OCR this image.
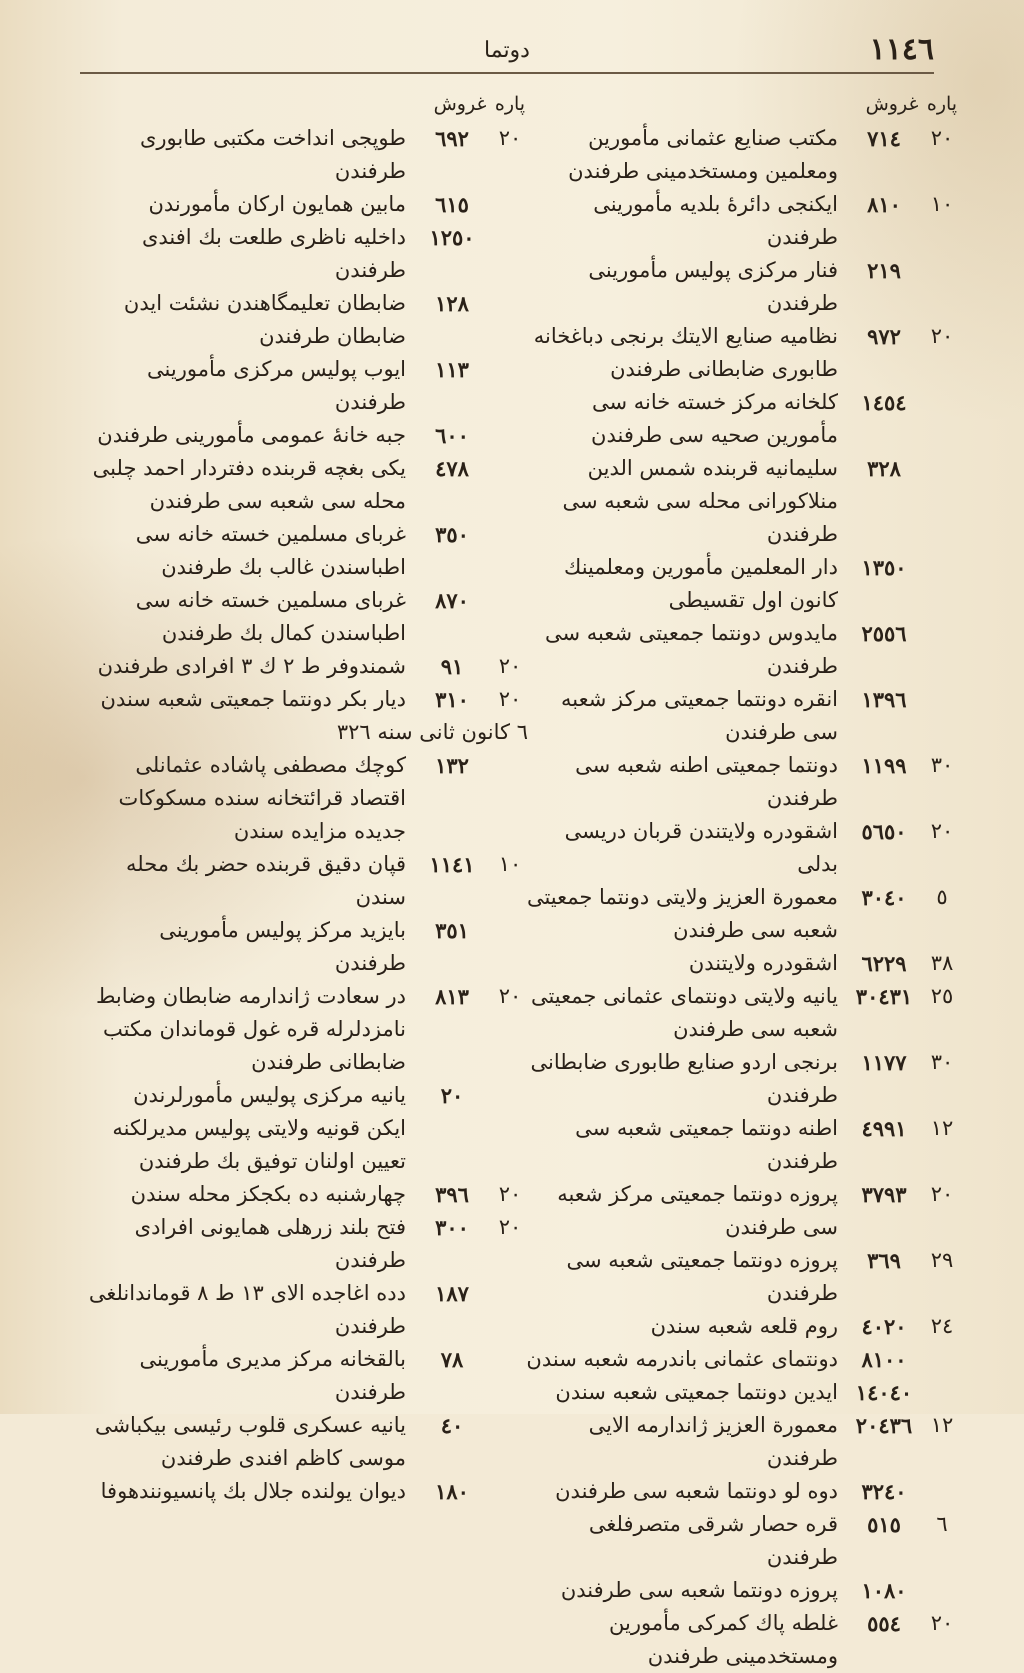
١١٤٦
دوتما
پاره
غروش
٢٠
٧١٤
مكتب صنايع عثمانى مأمورين ومعلمين ومستخدمينى طرفندن
١٠
٨١٠
ايكنجى دائرهٔ بلديه مأمورينى طرفندن
٢١٩
فنار مركزى پوليس مأمورينى طرفندن
٢٠
٩٧٢
نظاميه صنايع الايتك برنجى دباغخانه طابورى ضابطانى طرفندن
١٤٥٤
كلخانه مركز خسته خانه سى مأمورين صحيه سى طرفندن
٣٢٨
سليمانيه قربنده شمس الدين منلاكورانى محله سى شعبه سى طرفندن
١٣٥٠
دار المعلمين مأمورين ومعلمينك كانون اول تقسيطى
٢٥٥٦
مايدوس دونتما جمعيتى شعبه سى طرفندن
١٣٩٦
انقره دونتما جمعيتى مركز شعبه سى طرفندن
٣٠
١١٩٩
دونتما جمعيتى اطنه شعبه سى طرفندن
٢٠
٥٦٥٠
اشقودره ولايتندن قربان دريسى بدلى
٥
٣٠٤٠
معمورة العزيز ولايتى دونتما جمعيتى شعبه سى طرفندن
٣٨
٦٢٢٩
اشقودره ولايتندن
٢٥
٣٠٤٣١
يانيه ولايتى دونتماى عثمانى جمعيتى شعبه سى طرفندن
٣٠
١١٧٧
برنجى اردو صنايع طابورى ضابطانى طرفندن
١٢
٤٩٩١
اطنه دونتما جمعيتى شعبه سى طرفندن
٢٠
٣٧٩٣
پروزه دونتما جمعيتى مركز شعبه سى طرفندن
٢٩
٣٦٩
پروزه دونتما جمعيتى شعبه سى طرفندن
٢٤
٤٠٢٠
روم قلعه شعبه سندن
٨١٠٠
دونتماى عثمانى باندرمه شعبه سندن
١٤٠٤٠
ايدين دونتما جمعيتى شعبه سندن
١٢
٢٠٤٣٦
معمورة العزيز ژاندارمه الايى طرفندن
٣٢٤٠
دوه لو دونتما شعبه سى طرفندن
٦
٥١٥
قره حصار شرقى متصرفلغى طرفندن
١٠٨٠
پروزه دونتما شعبه سى طرفندن
٢٠
٥٥٤
غلطه پاك كمركى مأمورين ومستخدمينى طرفندن
پاره
غروش
٢٠
٦٩٢
طوپجى انداخت مكتبى طابورى طرفندن
٦١٥
مابين همايون اركان مأمورندن
١٢٥٠
داخليه ناظرى طلعت بك افندى طرفندن
١٢٨
ضابطان تعليمگاهندن نشئت ايدن ضابطان طرفندن
١١٣
ايوب پوليس مركزى مأمورينى طرفندن
٦٠٠
جبه خانهٔ عمومى مأمورينى طرفندن
٤٧٨
يكى بغچه قربنده دفتردار احمد چلبى محله سى شعبه سى طرفندن
٣٥٠
غرباى مسلمين خسته خانه سى اطباسندن غالب بك طرفندن
٨٧٠
غرباى مسلمين خسته خانه سى اطباسندن كمال بك طرفندن
٢٠
٩١
شمندوفر ط ٢ ك ٣ افرادى طرفندن
٢٠
٣١٠
ديار بكر دونتما جمعيتى شعبه سندن
٦ كانون ثانى سنه ٣٢٦
١٣٢
كوچك مصطفى پاشاده عثمانلى اقتصاد قرائتخانه سنده مسكوكات جديده مزايده سندن
١٠
١١٤١
قپان دقيق قربنده حضر بك محله سندن
٣٥١
بايزيد مركز پوليس مأمورينى طرفندن
٢٠
٨١٣
در سعادت ژاندارمه ضابطان وضابط نامزدلرله قره غول قوماندان مكتب ضابطانى طرفندن
٢٠
يانيه مركزى پوليس مأمورلرندن ايكن قونيه ولايتى پوليس مديرلكنه تعيين اولنان توفيق بك طرفندن
٢٠
٣٩٦
چهارشنبه ده بكجكز محله سندن
٢٠
٣٠٠
فتح بلند زرهلى همايونى افرادى طرفندن
١٨٧
دده اغاجده الاى ١٣ ط ٨ قوماندانلغى طرفندن
٧٨
بالقخانه مركز مديرى مأمورينى طرفندن
٤٠
يانيه عسكرى قلوب رئيسى بيكباشى موسى كاظم افندى طرفندن
١٨٠
ديوان يولنده جلال بك پانسيونندهوفا
